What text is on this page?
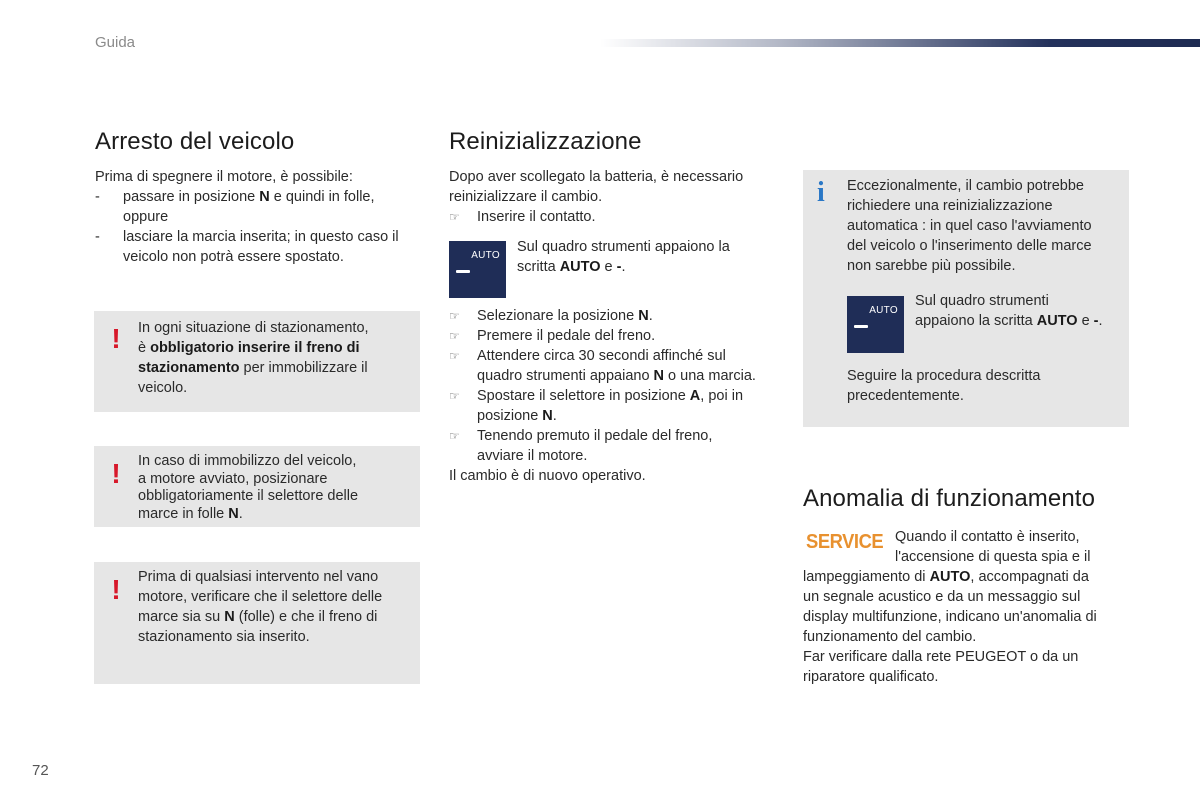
Guida
Arresto del veicolo
Prima di spegnere il motore, è possibile:
- passare in posizione N e quindi in folle,
oppure
- lasciare la marcia inserita; in questo caso il
veicolo non potrà essere spostato.
! In ogni situazione di stazionamento,
è obbligatorio inserire il freno di
stazionamento per immobilizzare il
veicolo.
! In caso di immobilizzo del veicolo,
a motore avviato, posizionare
obbligatoriamente il selettore delle
marce in folle N.
! Prima di qualsiasi intervento nel vano
motore, verificare che il selettore delle
marce sia su N (folle) e che il freno di
stazionamento sia inserito.
Reinizializzazione
Dopo aver scollegato la batteria, è necessario
reinizializzare il cambio.
☞ Inserire il contatto.
AUTO
Sul quadro strumenti appaiono la
scritta AUTO e -.
☞ Selezionare la posizione N.
☞ Premere il pedale del freno.
☞ Attendere circa 30 secondi affinché sul
quadro strumenti appaiano N o una marcia.
☞ Spostare il selettore in posizione A, poi in
posizione N.
☞ Tenendo premuto il pedale del freno,
avviare il motore.
Il cambio è di nuovo operativo.
i Eccezionalmente, il cambio potrebbe
richiedere una reinizializzazione
automatica : in quel caso l'avviamento
del veicolo o l'inserimento delle marce
non sarebbe più possibile.
AUTO
Sul quadro strumenti
appaiono la scritta AUTO e -.
Seguire la procedura descritta
precedentemente.
Anomalia di funzionamento
SERVICE Quando il contatto è inserito,
l'accensione di questa spia e il
lampeggiamento di AUTO, accompagnati da
un segnale acustico e da un messaggio sul
display multifunzione, indicano un'anomalia di
funzionamento del cambio.
Far verificare dalla rete PEUGEOT o da un
riparatore qualificato.
72
